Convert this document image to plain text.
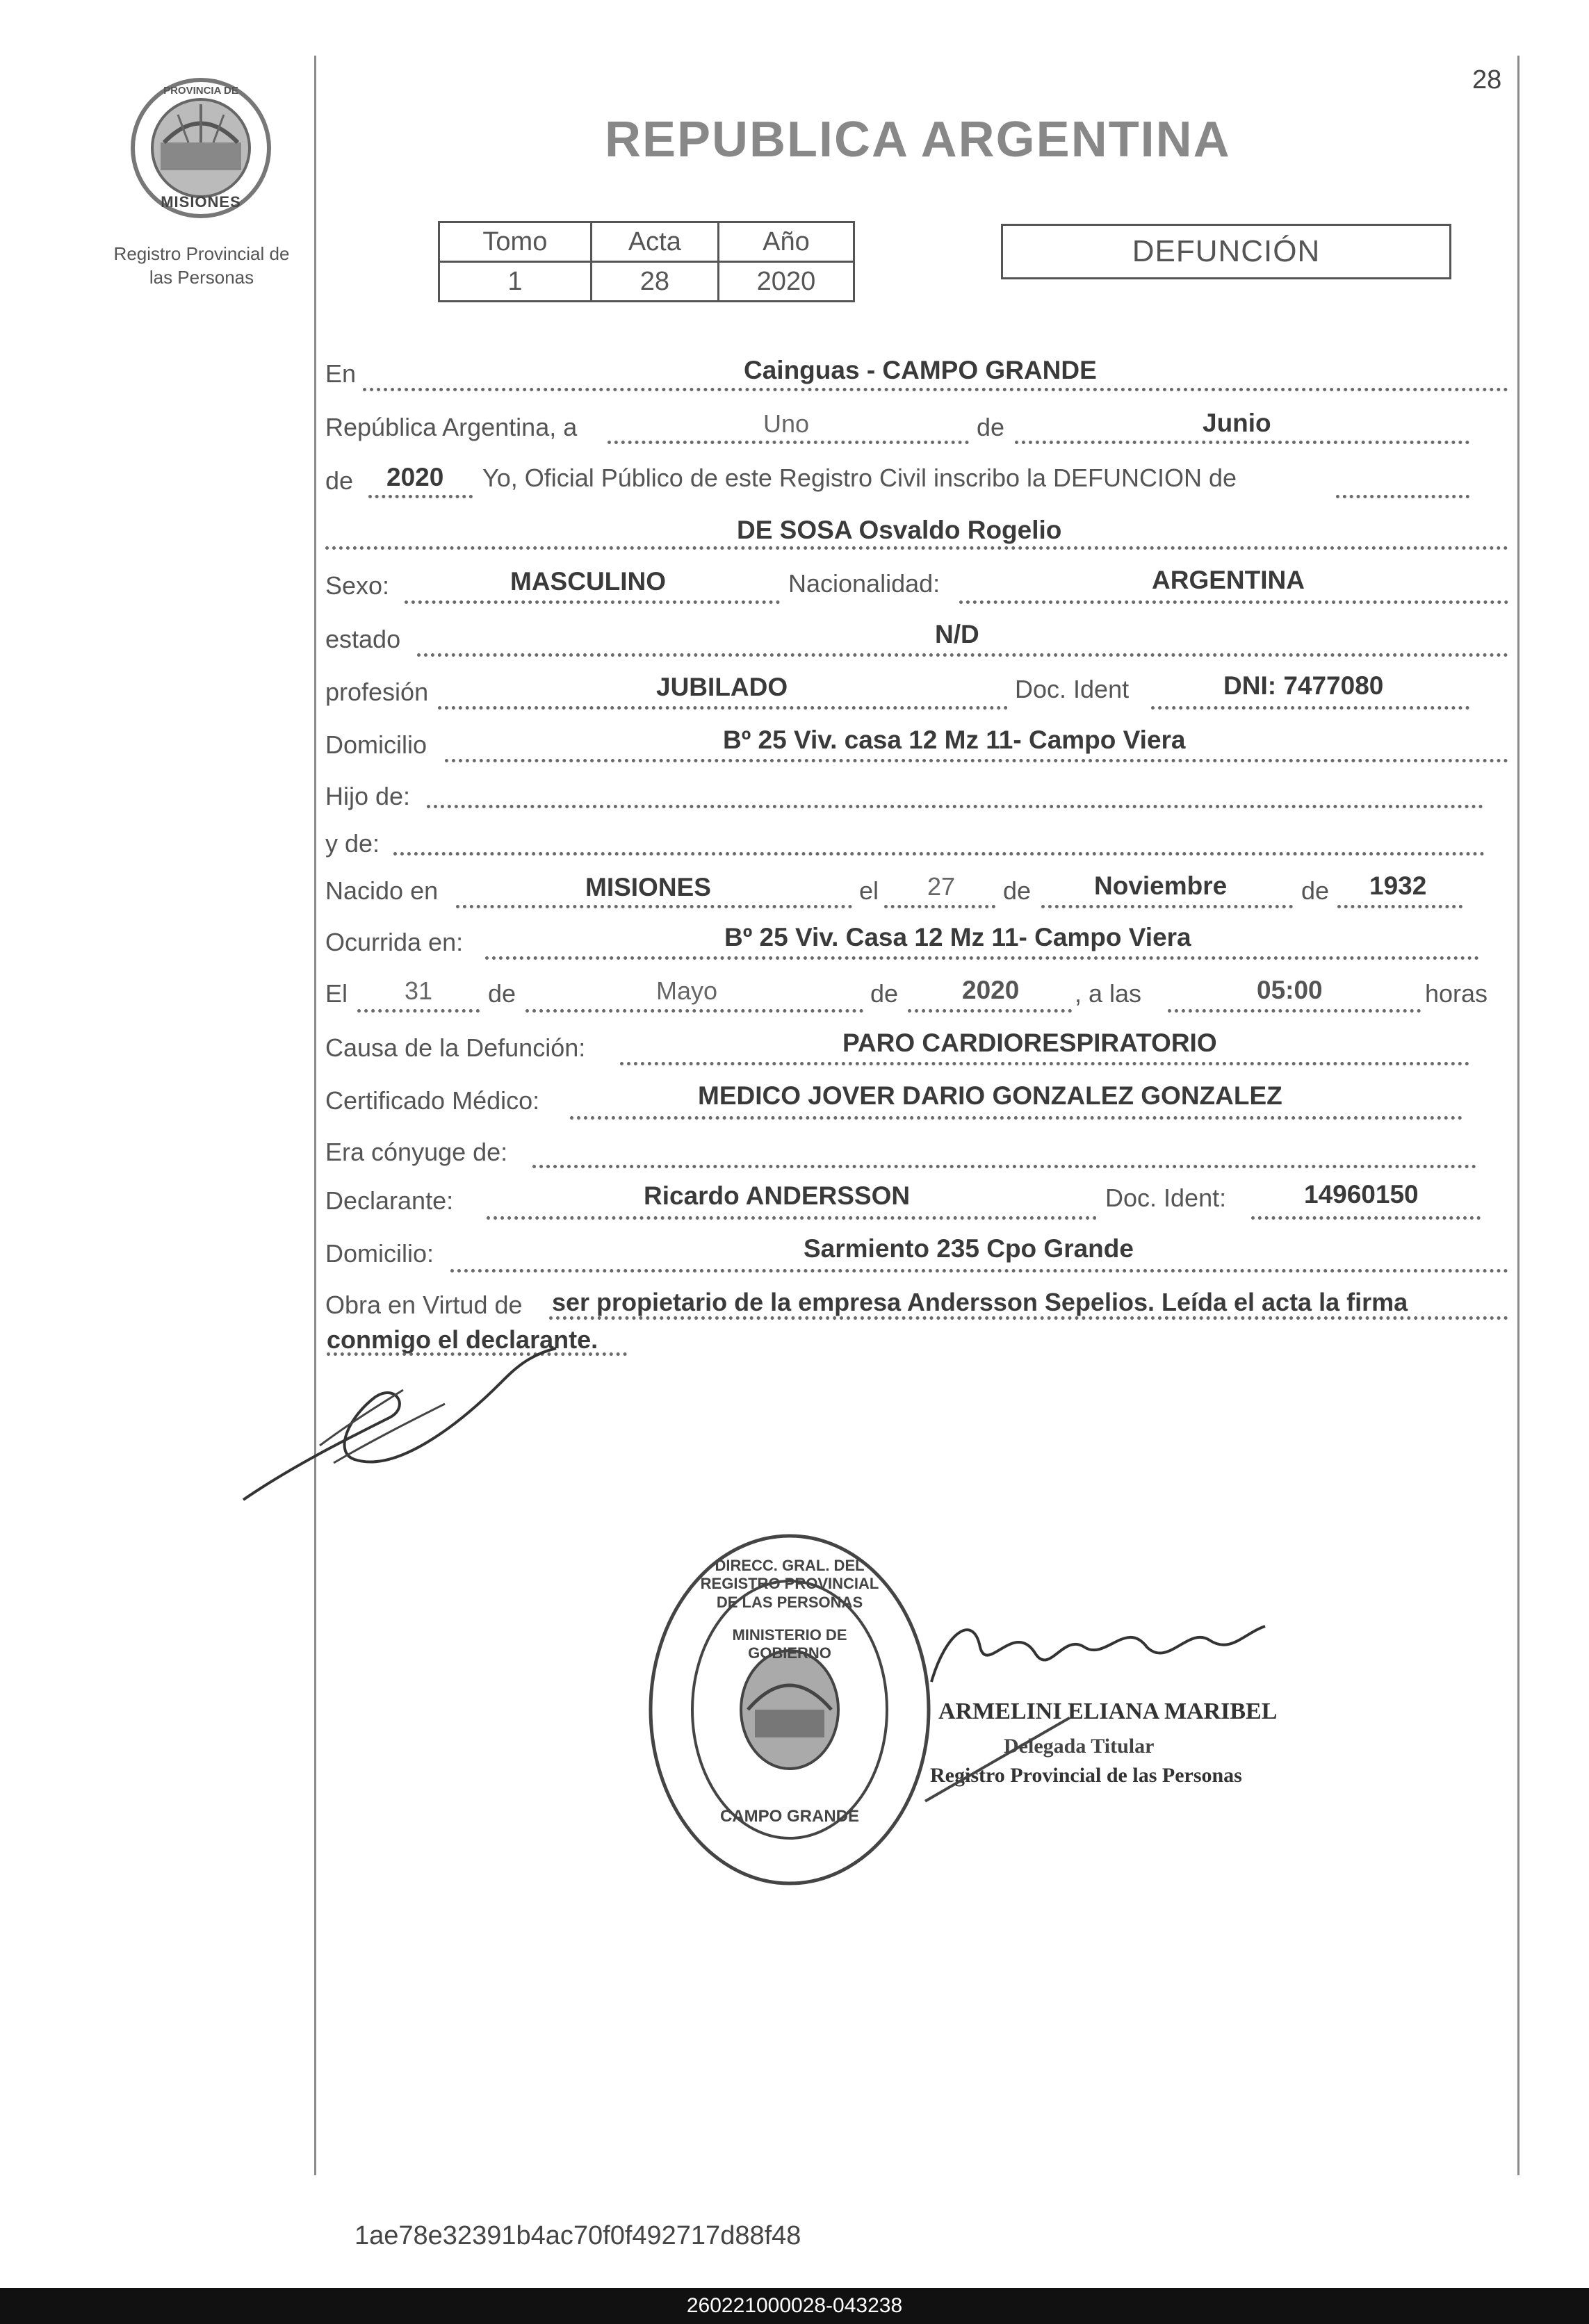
28
PROVINCIA DE
MISIONES
Registro Provincial de
las Personas
REPUBLICA ARGENTINA
Tomo	Acta	Año
1	28	2020
DEFUNCIÓN
En	Cainguas - CAMPO GRANDE
República Argentina, a	Uno	de	Junio
de 2020 Yo, Oficial Público de este Registro Civil inscribo la DEFUNCION de
DE SOSA Osvaldo Rogelio
Sexo:	MASCULINO	Nacionalidad:	ARGENTINA
estado	N/D
profesión	JUBILADO	Doc. Ident	DNI: 7477080
Domicilio	Bº 25 Viv. casa 12 Mz 11- Campo Viera
Hijo de:
y de:
Nacido en	MISIONES	el 27 de Noviembre	de 1932
Ocurrida en:	Bº 25 Viv. Casa 12 Mz 11- Campo Viera
El 31 de	Mayo	de 2020 , a las	05:00	horas
Causa de la Defunción:	PARO CARDIORESPIRATORIO
Certificado Médico:	MEDICO JOVER DARIO GONZALEZ GONZALEZ
Era cónyuge de:
Declarante:	Ricardo ANDERSSON	Doc. Ident:	14960150
Domicilio:	Sarmiento 235 Cpo Grande
Obra en Virtud de ser propietario de la empresa Andersson Sepelios. Leída el acta la firma
conmigo el declarante.
DIRECC. GRAL. DEL REGISTRO PROVINCIAL DE LAS PERSONAS
MINISTERIO DE GOBIERNO
CAMPO GRANDE
ARMELINI ELIANA MARIBEL
Delegada Titular
Registro Provincial de las Personas
1ae78e32391b4ac70f0f492717d88f48
260221000028-043238
